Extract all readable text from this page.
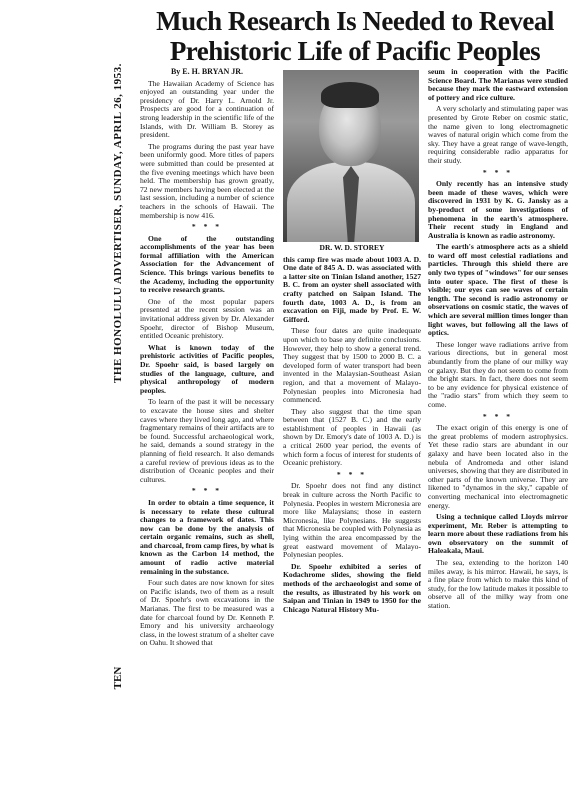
THE HONOLULU ADVERTISER, SUNDAY, APRIL 26, 1953.
TEN
Much Research Is Needed to Reveal Prehistoric Life of Pacific Peoples

By E. H. BRYAN JR.

The Hawaiian Academy of Science has enjoyed an outstanding year under the presidency of Dr. Harry L. Arnold Jr. Prospects are good for a continuation of strong leadership in the scientific life of the Islands, with Dr. William B. Storey as president.

The programs during the past year have been uniformly good. More titles of papers were submitted than could be presented at the five evening meetings which have been held. The membership has grown greatly, 72 new members having been elected at the last session, including a number of science teachers in the schools of Hawaii. The membership is now 416.

* * *

One of the outstanding accomplishments of the year has been formal affiliation with the American Association for the Advancement of Science. This brings various benefits to the Academy, including the opportunity to receive research grants.

One of the most popular papers presented at the recent session was an invitational address given by Dr. Alexander Spoehr, director of Bishop Museum, entitled Oceanic prehistory.

What is known today of the prehistoric activities of Pacific peoples, Dr. Spoehr said, is based largely on studies of the language, culture, and physical anthropology of modern peoples.

To learn of the past it will be necessary to excavate the house sites and shelter caves where they lived long ago, and where fragmentary remains of their artifacts are to be found. Successful archaeological work, he said, demands a sound strategy in the planning of field research. It also demands a careful review of previous ideas as to the distribution of Oceanic peoples and their cultures.

* * *

In order to obtain a time sequence, it is necessary to relate these cultural changes to a framework of dates. This now can be done by the analysis of certain organic remains, such as shell, and charcoal, from camp fires, by what is known as the Carbon 14 method, the amount of radio active material remaining in the substance.

Four such dates are now known for sites on Pacific islands, two of them as a result of Dr. Spoehr's own excavations in the Marianas. The first to be measured was a date for charcoal found by Dr. Kenneth P. Emory and his university archaeology class, in the lowest stratum of a shelter cave on Oahu. It showed that

DR. W. D. STOREY

this camp fire was made about 1003 A. D. One date of 845 A. D. was associated with a latter site on Tinian Island another, 1527 B. C. from an oyster shell associated with crafty patched on Saipan Island. The fourth date, 1003 A. D., is from an excavation on Fiji, made by Prof. E. W. Gifford.

These four dates are quite inadequate upon which to base any definite conclusions. However, they help to show a general trend. They suggest that by 1500 to 2000 B. C. a developed form of water transport had been invented in the Malaysian-Southeast Asian region, and that a movement of Malayo-Polynesian peoples into Micronesia had commenced.

They also suggest that the time span between that (1527 B. C.) and the early establishment of peoples in Hawaii (as shown by Dr. Emory's date of 1003 A. D.) is a critical 2600 year period, the events of which form a focus of interest for students of Oceanic prehistory.

* * *

Dr. Spoehr does not find any distinct break in culture across the North Pacific to Polynesia. Peoples in western Micronesia are more like Malaysians; those in eastern Micronesia, like Polynesians. He suggests that Micronesia be coupled with Polynesia as lying within the area encompassed by the great eastward movement of Malayo-Polynesian peoples.

Dr. Spoehr exhibited a series of Kodachrome slides, showing the field methods of the archaeologist and some of the results, as illustrated by his work on Saipan and Tinian in 1949 to 1950 for the Chicago Natural History Mu-

seum in cooperation with the Pacific Science Board. The Marianas were studied because they mark the eastward extension of pottery and rice culture.

A very scholarly and stimulating paper was presented by Grote Reber on cosmic static, the name given to long electromagnetic waves of natural origin which come from the sky. They have a great range of wave-length, requiring considerable radio apparatus for their study.

* * *

Only recently has an intensive study been made of these waves, which were discovered in 1931 by K. G. Jansky as a by-product of some investigations of phenomena in the earth's atmosphere. Their recent study in England and Australia is known as radio astronomy.

The earth's atmosphere acts as a shield to ward off most celestial radiations and particles. Through this shield there are only two types of "windows" for our senses into outer space. The first of these is visible; our eyes can see waves of certain length. The second is radio astronomy or observations on cosmic static, the waves of which are several million times longer than light waves, but following all the laws of optics.

These longer wave radiations arrive from various directions, but in general most abundantly from the plane of our milky way or galaxy. But they do not seem to come from the bright stars. In fact, there does not seem to be any evidence for physical existence of the "radio stars" from which they seem to come.

* * *

The exact origin of this energy is one of the great problems of modern astrophysics. Yet these radio stars are abundant in our galaxy and have been located also in the nebula of Andromeda and other island universes, showing that they are distributed in other parts of the known universe. They are likened to "dynamos in the sky," capable of converting mechanical into electromagnetic energy.

Using a technique called Lloyds mirror experiment, Mr. Reber is attempting to learn more about these radiations from his own observatory on the summit of Haleakala, Maui.

The sea, extending to the horizon 140 miles away, is his mirror. Hawaii, he says, is a fine place from which to make this kind of study, for the low latitude makes it possible to observe all of the milky way from one station.
